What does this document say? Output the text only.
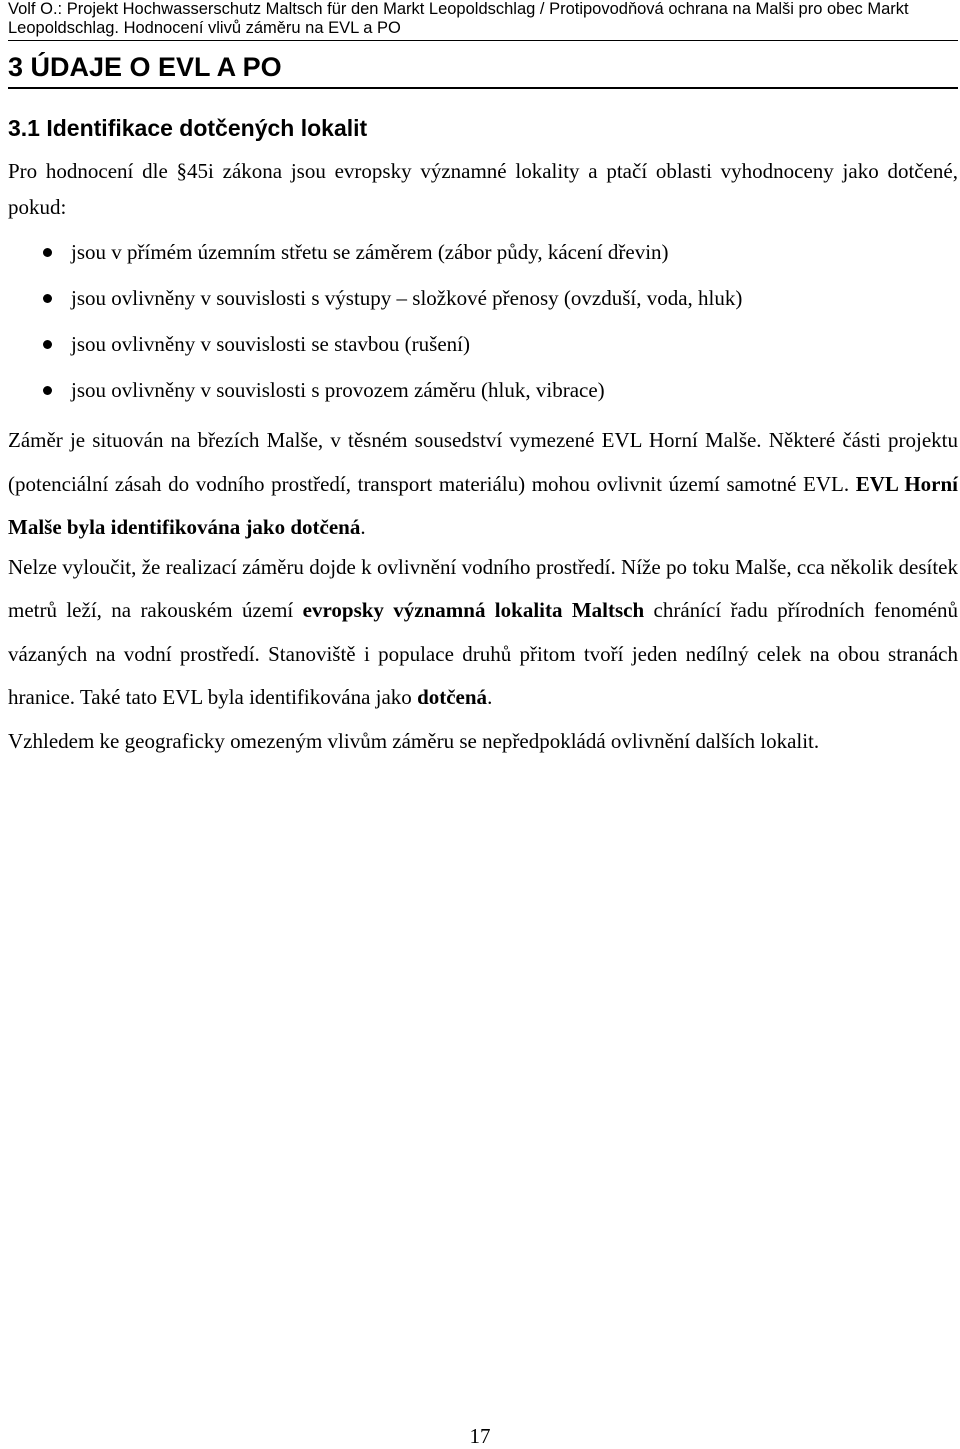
Volf O.: Projekt Hochwasserschutz Maltsch für den Markt Leopoldschlag / Protipovodňová ochrana na Malši pro obec Markt
Leopoldschlag. Hodnocení vlivů záměru na EVL a PO
3 ÚDAJE O EVL A PO
3.1 Identifikace dotčených lokalit

Pro hodnocení dle §45i zákona jsou evropsky významné lokality a ptačí oblasti vyhodnoceny jako dotčené, pokud:

jsou v přímém územním střetu se záměrem (zábor půdy, kácení dřevin)
jsou ovlivněny v souvislosti s výstupy – složkové přenosy (ovzduší, voda, hluk)
jsou ovlivněny v souvislosti se stavbou (rušení)
jsou ovlivněny v souvislosti s provozem záměru (hluk, vibrace)

Záměr je situován na březích Malše, v těsném sousedství vymezené EVL Horní Malše. Některé části projektu (potenciální zásah do vodního prostředí, transport materiálu) mohou ovlivnit území samotné EVL. EVL Horní Malše byla identifikována jako dotčená.

Nelze vyloučit, že realizací záměru dojde k ovlivnění vodního prostředí. Níže po toku Malše, cca několik desítek metrů leží, na rakouském území evropsky významná lokalita Maltsch chránící řadu přírodních fenoménů vázaných na vodní prostředí. Stanoviště i populace druhů přitom tvoří jeden nedílný celek na obou stranách hranice. Také tato EVL byla identifikována jako dotčená.

Vzhledem ke geograficky omezeným vlivům záměru se nepředpokládá ovlivnění dalších lokalit.

17
